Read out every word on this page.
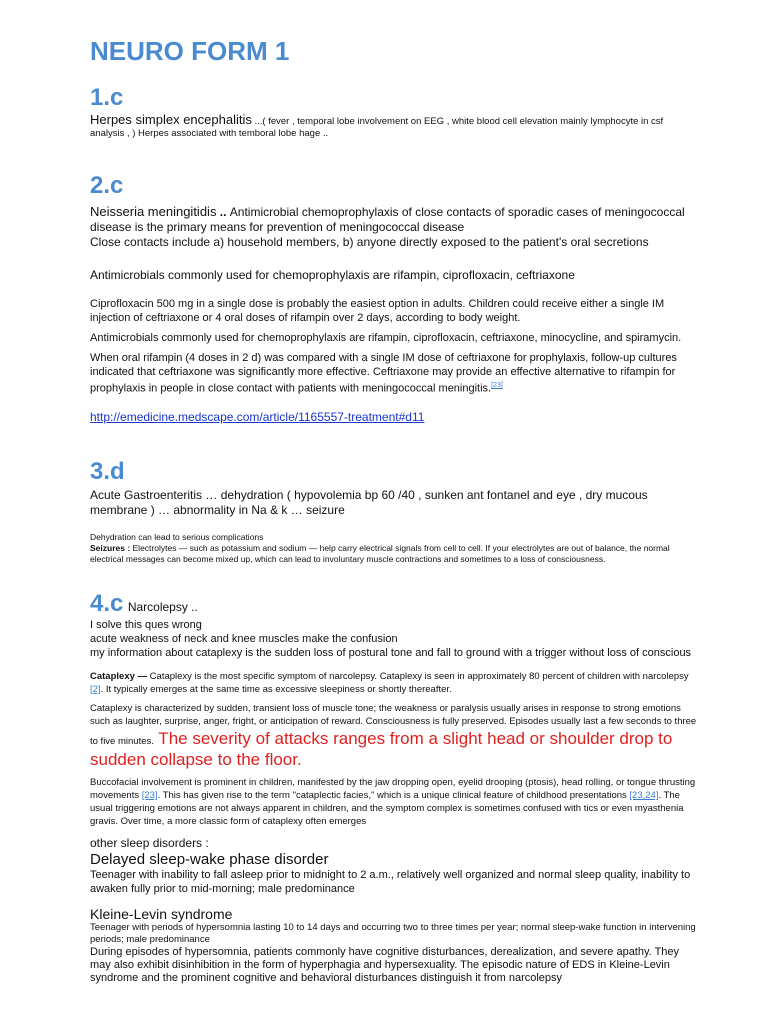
NEURO FORM 1
1.c

Herpes simplex encephalitis ...( fever , temporal lobe involvement on EEG , white blood cell elevation mainly lymphocyte in csf analysis , ) Herpes associated with temboral lobe hage ..

2.c

Neisseria meningitidis .. Antimicrobial chemoprophylaxis of close contacts of sporadic cases of meningococcal disease is the primary means for prevention of meningococcal disease

Close contacts include a) household members, b) anyone directly exposed to the patient's oral secretions

Antimicrobials commonly used for chemoprophylaxis are rifampin, ciprofloxacin, ceftriaxone

Ciprofloxacin 500 mg in a single dose is probably the easiest option in adults. Children could receive either a single IM injection of ceftriaxone or 4 oral doses of rifampin over 2 days, according to body weight.

Antimicrobials commonly used for chemoprophylaxis are rifampin, ciprofloxacin, ceftriaxone, minocycline, and spiramycin.

When oral rifampin (4 doses in 2 d) was compared with a single IM dose of ceftriaxone for prophylaxis, follow-up cultures indicated that ceftriaxone was significantly more effective. Ceftriaxone may provide an effective alternative to rifampin for prophylaxis in people in close contact with patients with meningococcal meningitis.[23]

http://emedicine.medscape.com/article/1165557-treatment#d11

3.d

Acute Gastroenteritis … dehydration ( hypovolemia bp 60 /40 , sunken ant fontanel and eye , dry mucous membrane ) … abnormality in Na & k … seizure

Dehydration can lead to serious complications

Seizures : Electrolytes — such as potassium and sodium — help carry electrical signals from cell to cell. If your electrolytes are out of balance, the normal electrical messages can become mixed up, which can lead to involuntary muscle contractions and sometimes to a loss of consciousness.

4.c Narcolepsy ..

I solve this ques wrong

acute weakness of neck and knee muscles make the confusion

my information about cataplexy is the sudden loss of postural tone and fall to ground with a trigger without loss of conscious

Cataplexy — Cataplexy is the most specific symptom of narcolepsy. Cataplexy is seen in approximately 80 percent of children with narcolepsy [2]. It typically emerges at the same time as excessive sleepiness or shortly thereafter.

Cataplexy is characterized by sudden, transient loss of muscle tone; the weakness or paralysis usually arises in response to strong emotions such as laughter, surprise, anger, fright, or anticipation of reward. Consciousness is fully preserved. Episodes usually last a few seconds to three to five minutes. The severity of attacks ranges from a slight head or shoulder drop to sudden collapse to the floor.

Buccofacial involvement is prominent in children, manifested by the jaw dropping open, eyelid drooping (ptosis), head rolling, or tongue thrusting movements [23]. This has given rise to the term "cataplectic facies," which is a unique clinical feature of childhood presentations [23,24]. The usual triggering emotions are not always apparent in children, and the symptom complex is sometimes confused with tics or even myasthenia gravis. Over time, a more classic form of cataplexy often emerges

other sleep disorders :

Delayed sleep-wake phase disorder

Teenager with inability to fall asleep prior to midnight to 2 a.m., relatively well organized and normal sleep quality, inability to awaken fully prior to mid-morning; male predominance

Kleine-Levin syndrome

Teenager with periods of hypersomnia lasting 10 to 14 days and occurring two to three times per year; normal sleep-wake function in intervening periods; male predominance

During episodes of hypersomnia, patients commonly have cognitive disturbances, derealization, and severe apathy. They may also exhibit disinhibition in the form of hyperphagia and hypersexuality. The episodic nature of EDS in Kleine-Levin syndrome and the prominent cognitive and behavioral disturbances distinguish it from narcolepsy
